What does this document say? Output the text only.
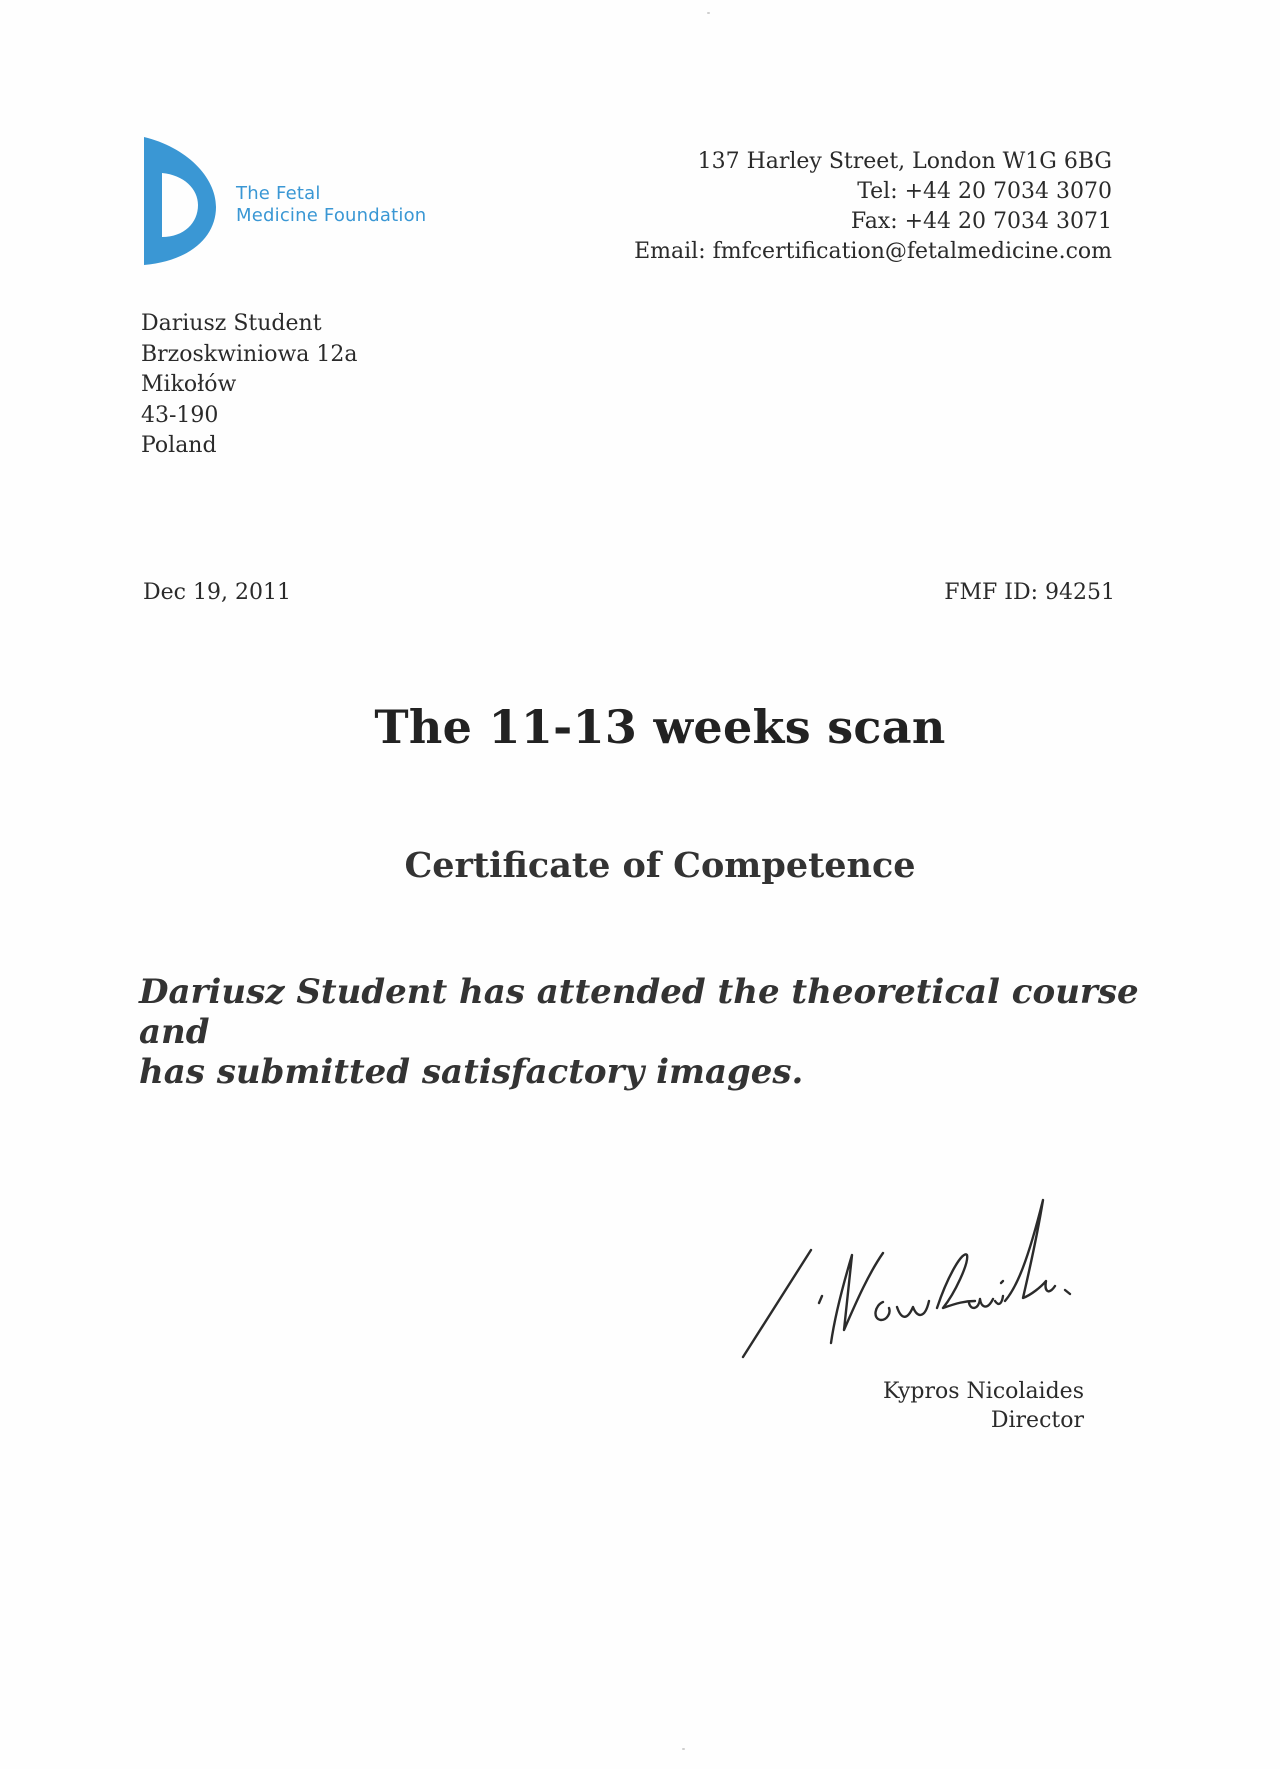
The Fetal
Medicine Foundation
137 Harley Street, London W1G 6BG
Tel: +44 20 7034 3070
Fax: +44 20 7034 3071
Email: fmfcertification@fetalmedicine.com
Dariusz Student
Brzoskwiniowa 12a
Mikołów
43-190
Poland
Dec 19, 2011	FMF ID: 94251
The 11-13 weeks scan
Certificate of Competence
Dariusz Student has attended the theoretical course and
has submitted satisfactory images.
Kypros Nicolaides
Director
